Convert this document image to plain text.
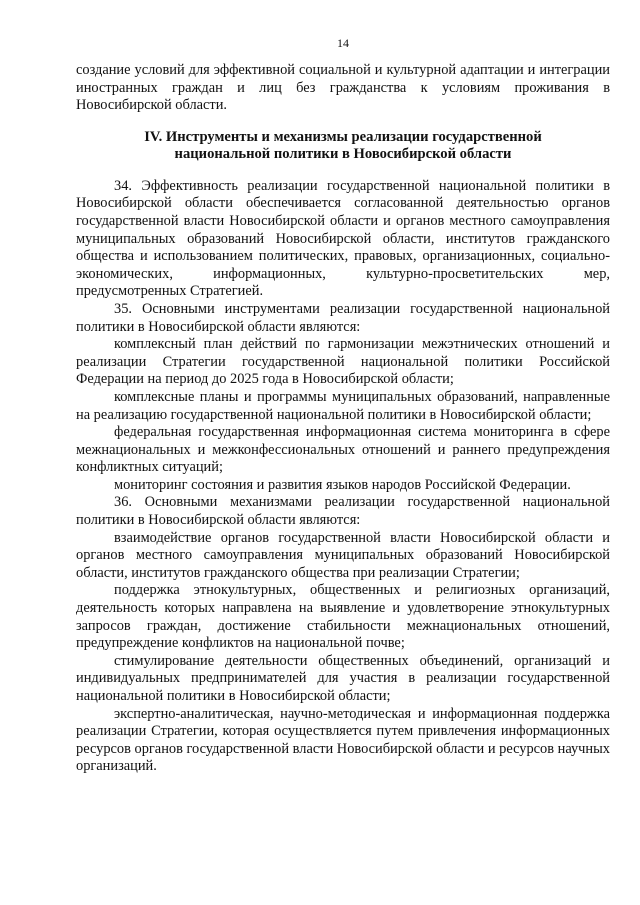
14

создание условий для эффективной социальной и культурной адаптации и интеграции иностранных граждан и лиц без гражданства к условиям проживания в Новосибирской области.

IV. Инструменты и механизмы реализации государственной
национальной политики в Новосибирской области

34. Эффективность реализации государственной национальной политики в Новосибирской области обеспечивается согласованной деятельностью органов государственной власти Новосибирской области и органов местного самоуправления муниципальных образований Новосибирской области, институтов гражданского общества и использованием политических, правовых, организационных, социально-экономических, информационных, культурно-просветительских мер, предусмотренных Стратегией.

35. Основными инструментами реализации государственной национальной политики в Новосибирской области являются:

комплексный план действий по гармонизации межэтнических отношений и реализации Стратегии государственной национальной политики Российской Федерации на период до 2025 года в Новосибирской области;

комплексные планы и программы муниципальных образований, направленные на реализацию государственной национальной политики в Новосибирской области;

федеральная государственная информационная система мониторинга в сфере межнациональных и межконфессиональных отношений и раннего предупреждения конфликтных ситуаций;

мониторинг состояния и развития языков народов Российской Федерации.

36. Основными механизмами реализации государственной национальной политики в Новосибирской области являются:

взаимодействие органов государственной власти Новосибирской области и органов местного самоуправления муниципальных образований Новосибирской области, институтов гражданского общества при реализации Стратегии;

поддержка этнокультурных, общественных и религиозных организаций, деятельность которых направлена на выявление и удовлетворение этнокультурных запросов граждан, достижение стабильности межнациональных отношений, предупреждение конфликтов на национальной почве;

стимулирование деятельности общественных объединений, организаций и индивидуальных предпринимателей для участия в реализации государственной национальной политики в Новосибирской области;

экспертно-аналитическая, научно-методическая и информационная поддержка реализации Стратегии, которая осуществляется путем привлечения информационных ресурсов органов государственной власти Новосибирской области и ресурсов научных организаций.
